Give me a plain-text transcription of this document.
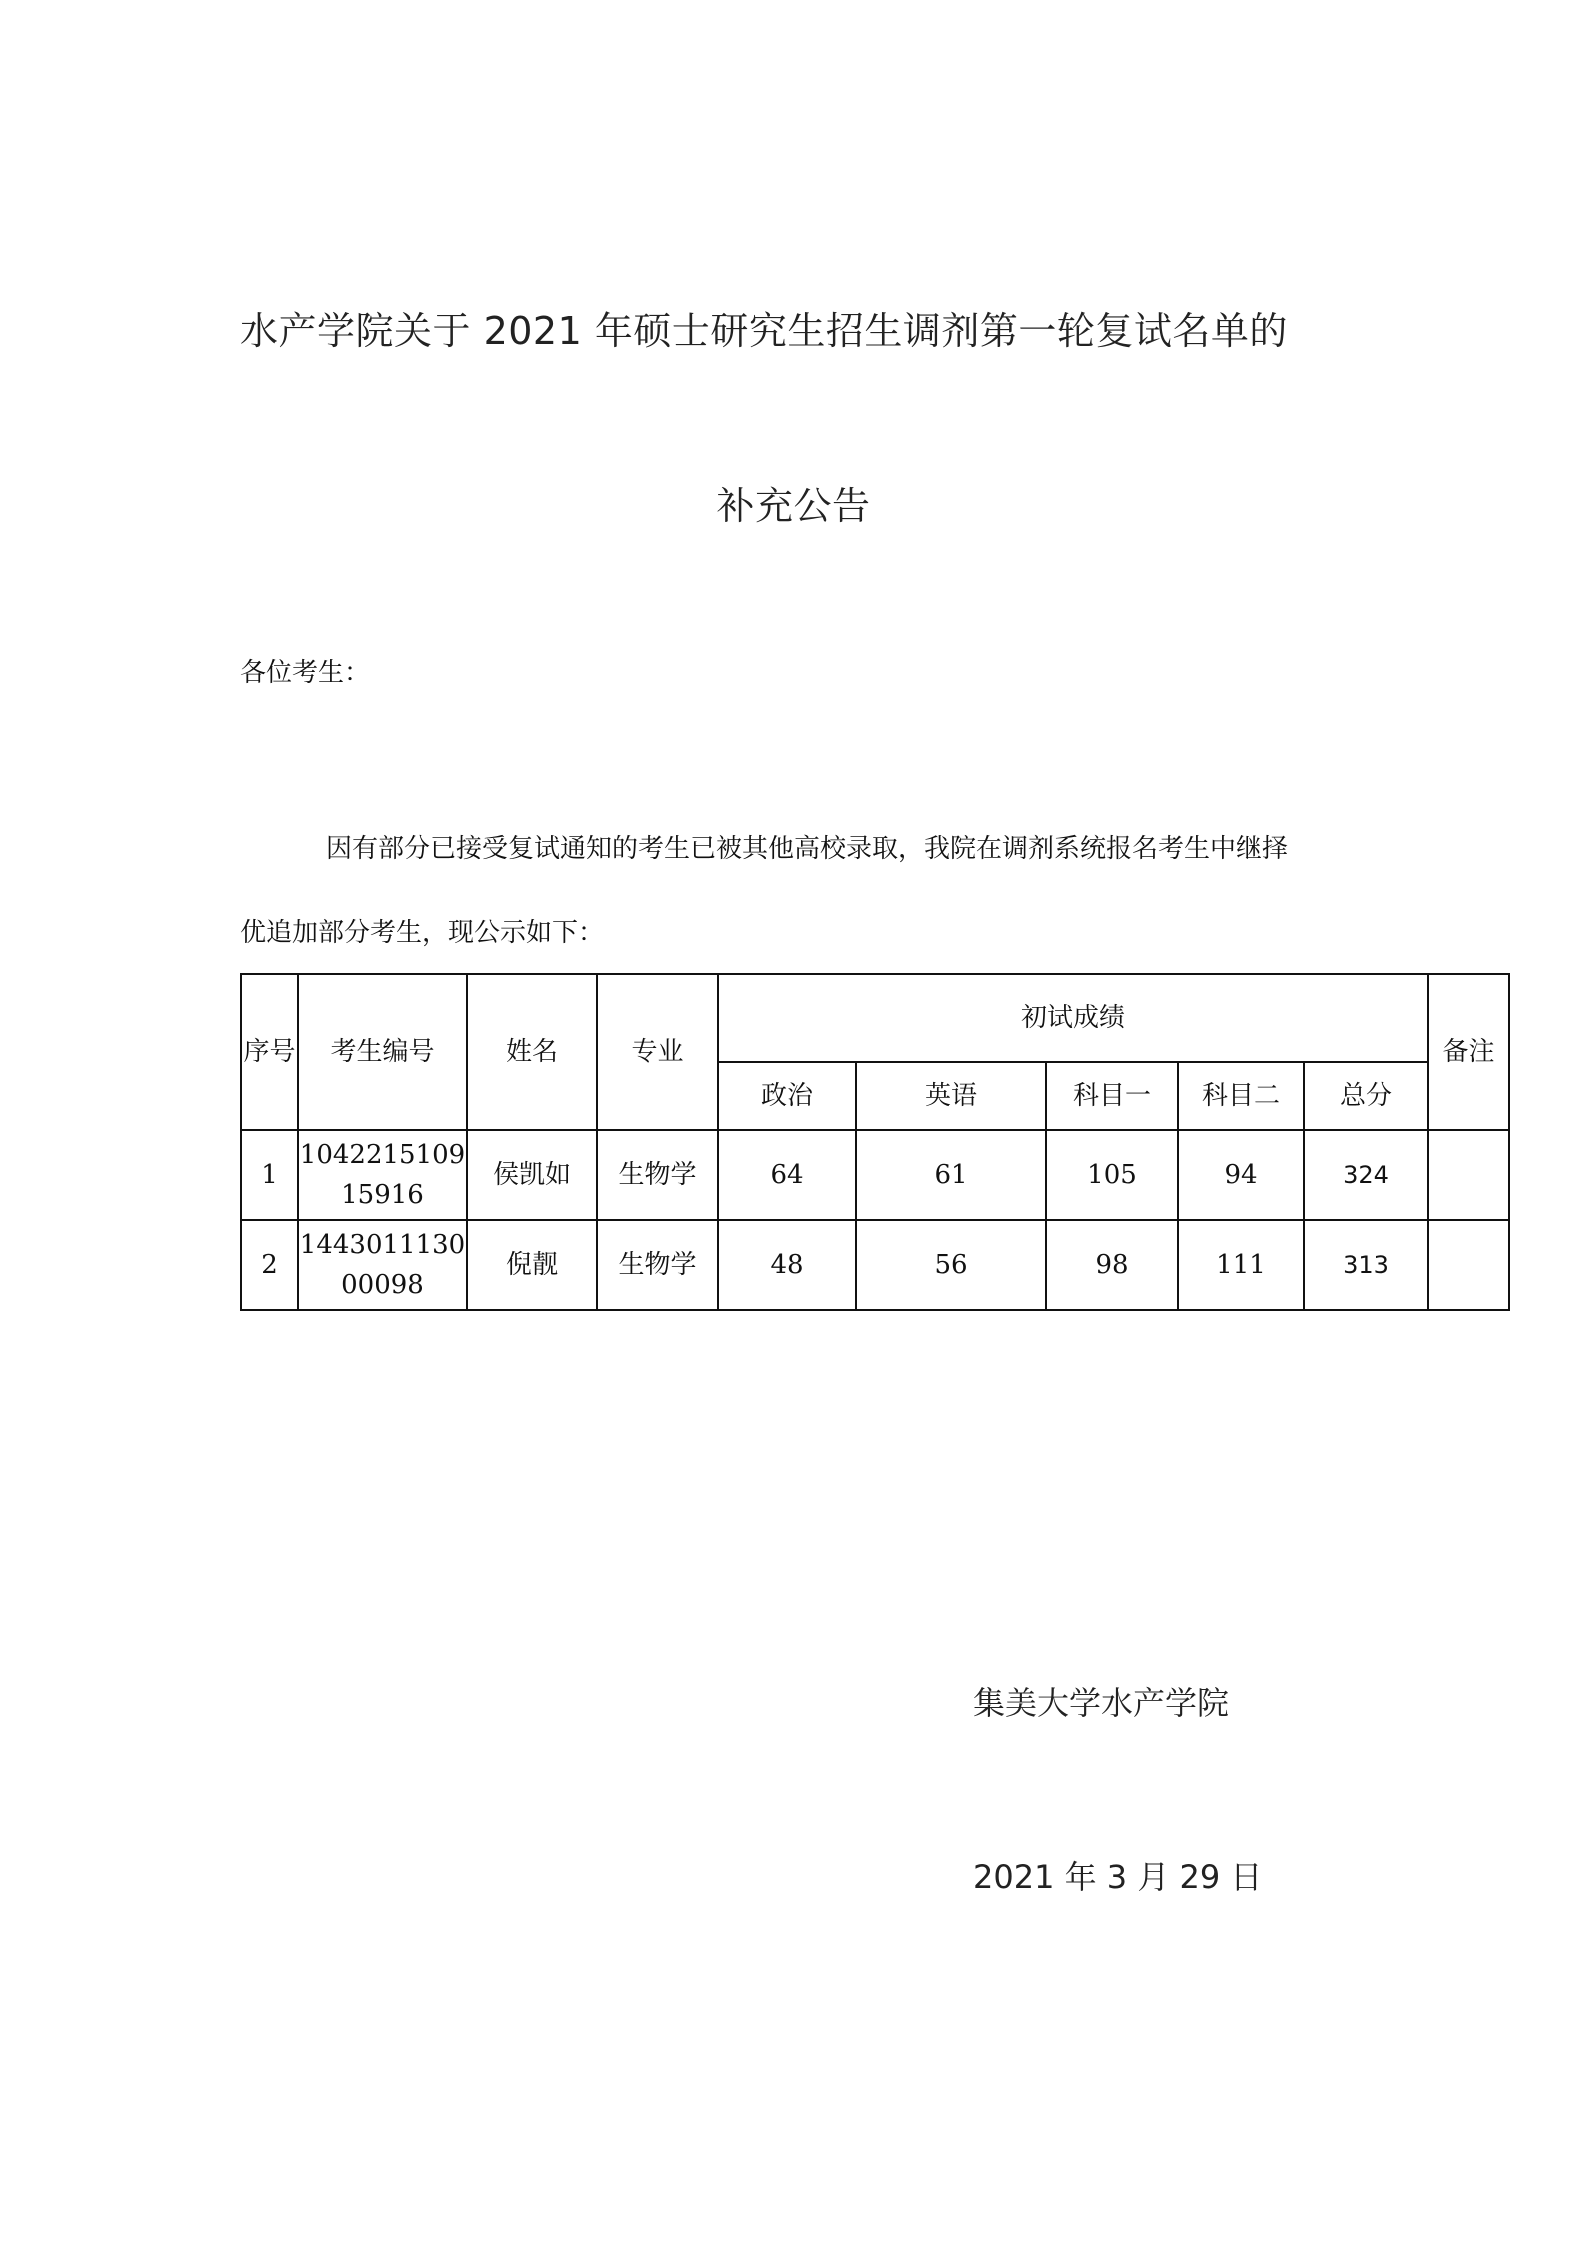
水产学院关于 2021 年硕士研究生招生调剂第一轮复试名单的
补充公告
各位考生：
因有部分已接受复试通知的考生已被其他高校录取，我院在调剂系统报名考生中继择
优追加部分考生，现公示如下：
序号	考生编号	姓名	专业	初试成绩					备注
				政治	英语	科目一	科目二	总分	
1	104221510915916	侯凯如	生物学	64	61	105	94	324	
2	144301113000098	倪靓	生物学	48	56	98	111	313	
集美大学水产学院
2021 年 3 月 29 日
